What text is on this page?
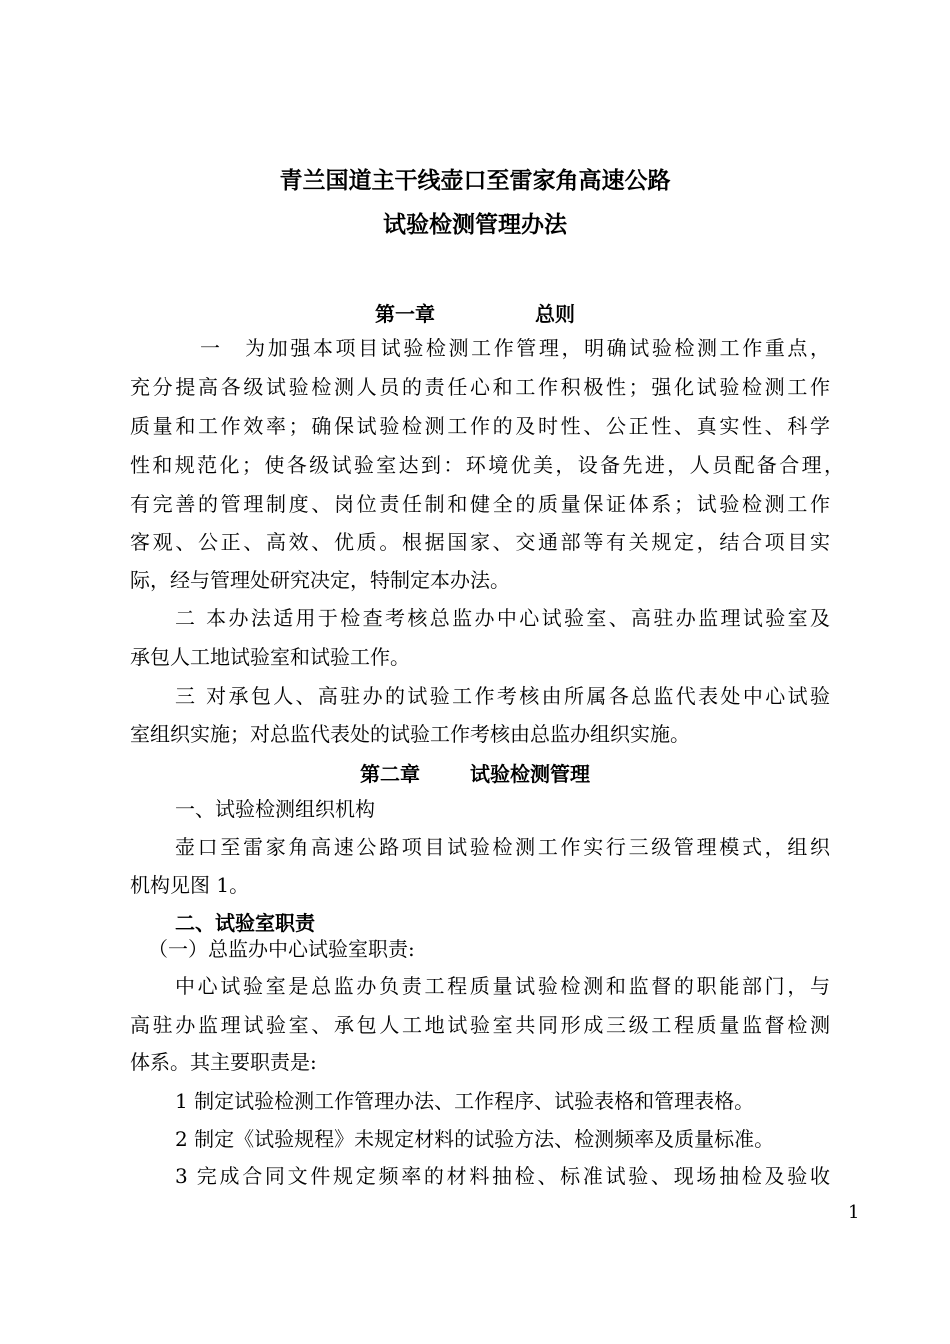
青兰国道主干线壶口至雷家角高速公路
试验检测管理办法
第一章	总则
一　为加强本项目试验检测工作管理，明确试验检测工作重点，
充分提高各级试验检测人员的责任心和工作积极性；强化试验检测工作
质量和工作效率；确保试验检测工作的及时性、公正性、真实性、科学
性和规范化；使各级试验室达到：环境优美，设备先进，人员配备合理，
有完善的管理制度、岗位责任制和健全的质量保证体系；试验检测工作
客观、公正、高效、优质。根据国家、交通部等有关规定，结合项目实
际，经与管理处研究决定，特制定本办法。
二 本办法适用于检查考核总监办中心试验室、高驻办监理试验室及
承包人工地试验室和试验工作。
三 对承包人、高驻办的试验工作考核由所属各总监代表处中心试验
室组织实施；对总监代表处的试验工作考核由总监办组织实施。
第二章	试验检测管理
一、试验检测组织机构
壶口至雷家角高速公路项目试验检测工作实行三级管理模式，组织
机构见图 1。
二、试验室职责
（一）总监办中心试验室职责:
中心试验室是总监办负责工程质量试验检测和监督的职能部门，与
高驻办监理试验室、承包人工地试验室共同形成三级工程质量监督检测
体系。其主要职责是:
1 制定试验检测工作管理办法、工作程序、试验表格和管理表格。
2 制定《试验规程》未规定材料的试验方法、检测频率及质量标准。
3 完成合同文件规定频率的材料抽检、标准试验、现场抽检及验收
1
